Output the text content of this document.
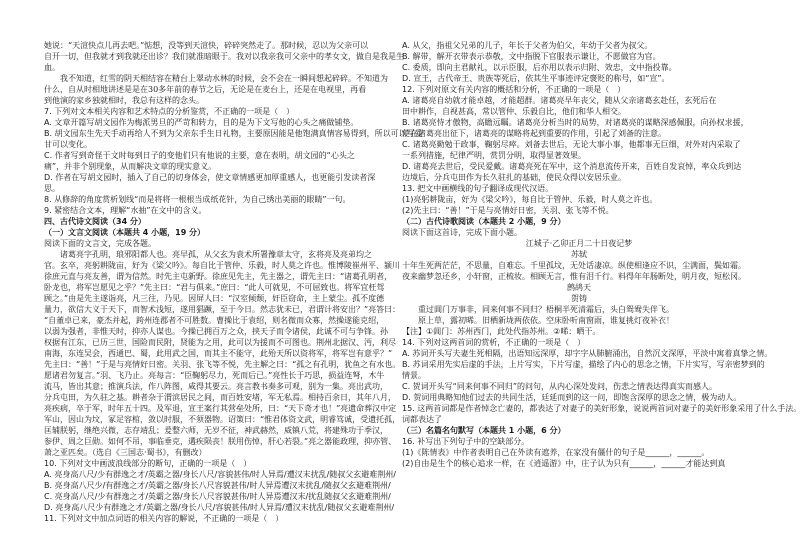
她说：“天渲快点儿再去吧。”惦想，没等到天渲快，碎碎突然走了。那时候，忍以为父亲可以
自开一切，但我就才到我就还出诊？我们就准暗眼于。我对以我亲我可父亲中的孝女文，做自是我是生
血。
我不知道，红雪的阴天相结容在精台上翠动水林的时候，会不会在一瞬间想起碎碎。不知道为
什么，自从时相地讲述是是在30多年前的春节之后，无论是在麦台上，还是在电视里，再看
到他演的家乡独就相时，我总有这样的念头。
7. 下列对文本相关内容和艺术特点的分析鉴赏，不正确的一项是（　）
A. 文章开篇写胡文园作为梅派男旦的严苛和转力，目的是为下文写他的心头之痛做铺垫。
B. 胡文园东生先天手动再给人不到为父亲东手生日礼物，主要原因能是他饱满真情容易得到，所以可以写爱
甘可以变化。
C. 作者写到奇怪于文时每到日子的变他们只有他说的主要，意在表明，胡文园的“心头之
痛”，并非个别现象，从而解决文章的现实意义。
D. 作者在写胡文园时，插入了自己的切身体会，使文章情感更加厚重感人，也更能引发读者深
思。
8. 从修辞的角度赏析划线“而是将将一根根当成纸花针，为自己绣出美丽的眼睛”一句。
9. 紧密结合文本，理解“水抽”在文中的含义。
四、古代诗文阅读（34 分）
（一）文言文阅读（本题共 4 小题，19 分）
阅读下面的文言文，完成各题。
诸葛亮字孔明，琅邪阳都人也。亮早孤，从父玄为袁术所署豫章太守，玄将亮及亮弟均之
官。玄卒，亮躬耕陇亩，好为《梁父吟》。每自比于管仲、乐毅，时人莫之许也。惟博陵崔州平、颍川
徐庶元直与亮友善，谓为信然。时先主屯新野。徐庶见先主，先主器之，谓先主曰：“诸葛孔明者，
卧龙也，将军岂愿见之乎？”先主曰：“君与俱来。”庶曰：“此人可就见，不可屈致也。将军宜枉驾
顾之。”由是先主遂诣亮，凡三往，乃见。因屏人曰：“汉室倾颓，奸臣窃命，主上蒙尘。孤不度德
量力，欲信大义于天下，而智术浅短，遂用猖蹶，至于今日。然志犹未已，君谓计将安出？”亮答曰：
“自董卓已来，豪杰并起，跨州连郡者不可胜数。曹操比于袁绍，则名微而众寡，然操遂能克绍，
以弱为强者，非惟天时，抑亦人谋也。今操已拥百万之众，挟天子而令诸侯，此诚不可与争锋。孙
权据有江东，已历三世，国险而民附，贤能为之用，此可以为援而不可图也。荆州北据汉、沔，利尽
南海，东连吴会，西通巴、蜀，此用武之国，而其主不能守，此殆天所以资将军，将军岂有意乎？”
先主曰：“善！”于是与亮情好日密。关羽、张飞等不悦，先主解之曰：“孤之有孔明，犹鱼之有水也。
愿诸君勿复言。”羽、飞乃止。亮每言：“臣鞠躬尽力，死而后已。”亮性长于巧思，损益连弩，木牛
流马，皆出其意；推演兵法，作八阵图，咸得其要云。亮言教书奏多可观，别为一集。亮出武功，
分兵屯田，为久驻之基。耕者杂于渭滨居民之间，而百姓安堵，军无私焉。相持百余日，其年八月，
亮疾病，卒于军，时年五十四。及军退，宣王案行其营垒处所，曰：“天下奇才也！”亮遗命葬汉中定
军山，因山为坟，冢足容棺，敛以时服，不须器物。诏策曰：“惟君体资文武，明睿笃诚，受遗托孤，
匡辅朕躬，继绝兴微，志存靖乱；爰整六师，无岁不征，神武赫然，威镇八荒，将建殊功于季汉，
参伊、周之巨勋。如何不吊，事临垂克，遘疾陨丧！朕用伤悼，肝心若裂。”亮之器能政理，抑亦管、
萧之亚匹矣。（选自《三国志·蜀书》，有删改）
10. 下列对文中画波浪线部分的断句，正确的一项是（　）
A. 亮身高八尺/少有群逸之才/英霸之器/身长八尺/容貌甚伟/时人异焉/遭汉末扰乱/随叔父玄避难荆州/
B. 亮身高八尺少/有群逸之才/英霸之器/身长八尺容貌甚伟/时人异焉遭汉末扰乱/随叔父玄避难荆州/
C. 亮身高八尺/少有群逸之才/英霸之器/身长八尺容貌甚伟/时人异焉遭汉末/扰乱随叔父玄避难荆州/
D. 亮身高八尺少有群逸之才/英霸之器/身长八尺/容貌甚伟/时人异焉/遭汉末扰乱/随叔父玄避难荆州/
11. 下列对文中加点词语的相关内容的解说，不正确的一项是（　）
A. 从父，指祖父兄弟的儿子，年长于父者为伯父，年幼于父者为叔父。
B. 解带，解开衣带表示恭敬，文中指脱下官服表示谦让，不愿做官为官。
C. 委质，即向主君献礼，以示臣服，后亦用以表示归附、效忠，文中指投靠。
D. 宣王，古代帝王、贵族等死后，依其生平事迹评定褒贬的称号，如“宣”。
12. 下列对原文有关内容的概括和分析，不正确的一项是（　）
A. 诸葛亮自幼就才能卓越，才能超群。诸葛亮早年丧父，随从父亲诸葛玄赴任，玄死后在
田中耕作，自视甚高，常以管仲、乐毅自比，他们和华人相交。
B. 诸葛亮恃才傲物，高瞻远瞩。诸葛亮分析当时的局势，对诸葛亮的谋略深感佩服，向孙权求援，
使在诸葛亮出征下，诸葛亮的谋略将起到重要的作用，引起了刘备的注意。
C. 诸葛亮勤勉于政事，鞠躬尽瘁。刘备去世后，无论大事小事，他都事无巨细，对外对内采取了
一系列措施，纪律严明，赏罚分明，取得显著效果。
D. 诸葛亮去世后，受民爱戴。诸葛亮死在军中，这个消息流传开来，百姓自发哀悼，率众兵到达
边境后，分兵屯田作为长久驻扎的基础，使民众得以安居乐业。
13. 把文中画横线的句子翻译成现代汉语。
(1)亮躬耕陇亩，好为《梁父吟》，每自比于管仲、乐毅，时人莫之许也。
(2)先主曰：“善！”于是与亮情好日密，关羽、张飞等不悦。
（二）古代诗歌阅读（本题共 2 小题，9 分）
阅读下面这首诗，完成下面小题。
江城子·乙卯正月二十日夜记梦
苏轼
十年生死两茫茫，不思量，自难忘。千里孤坟，无处话凄凉。纵使相逢应不识，尘满面，鬓如霜。
夜来幽梦忽还乡，小轩窗，正梳妆。相顾无言，惟有泪千行。料得年年肠断处，明月夜，短松冈。
鹧鸪天
贺铸
重过阊门万事非，同来何事不同归？梧桐半死清霜后，头白鸳鸯失伴飞。
原上草，露初晞。旧栖新垅两依依。空床卧听南窗雨，谁复挑灯夜补衣！
【注】①阊门：苏州西门，此处代指苏州。②晞：晒干。
14. 下列对这两首词的赏析，不正确的一项是（　）
A. 苏词开头写夫妻生死相隔，出语知远深厚，却字字从肺腑涌出，自然沉文深厚，平淡中寓着真挚之情。
B. 苏词采用先实后虚的手法，上片写实，下片写虚，描绘了内心的思念之情，下片实写，写亲密梦到的
情景。
C. 贺词开头写“同来何事不同归”的问句，从内心深处发问，伤悲之情表达得真实而感人。
D. 贺词用典略知他们过去的共同生活，廷延而到的这一问，即饱含深厚的思念之情，极为动人。
15. 这两首词都是作者悼念亡妻的，都表达了对妻子的美好形象，说说两首词对妻子的美好形象采用了什么手法。
词都表达了
（三）名篇名句默写（本题共 1 小题，6 分）
16. 补写出下列句子中的空缺部分。
(1)《陈情表》中作者表明自己在外读有遮养，在家没有僵什的句子是______，______。
(2)自由是生个的核心追求一样，在《逍遥游》中，庄子认为只有______，______才能达到真
